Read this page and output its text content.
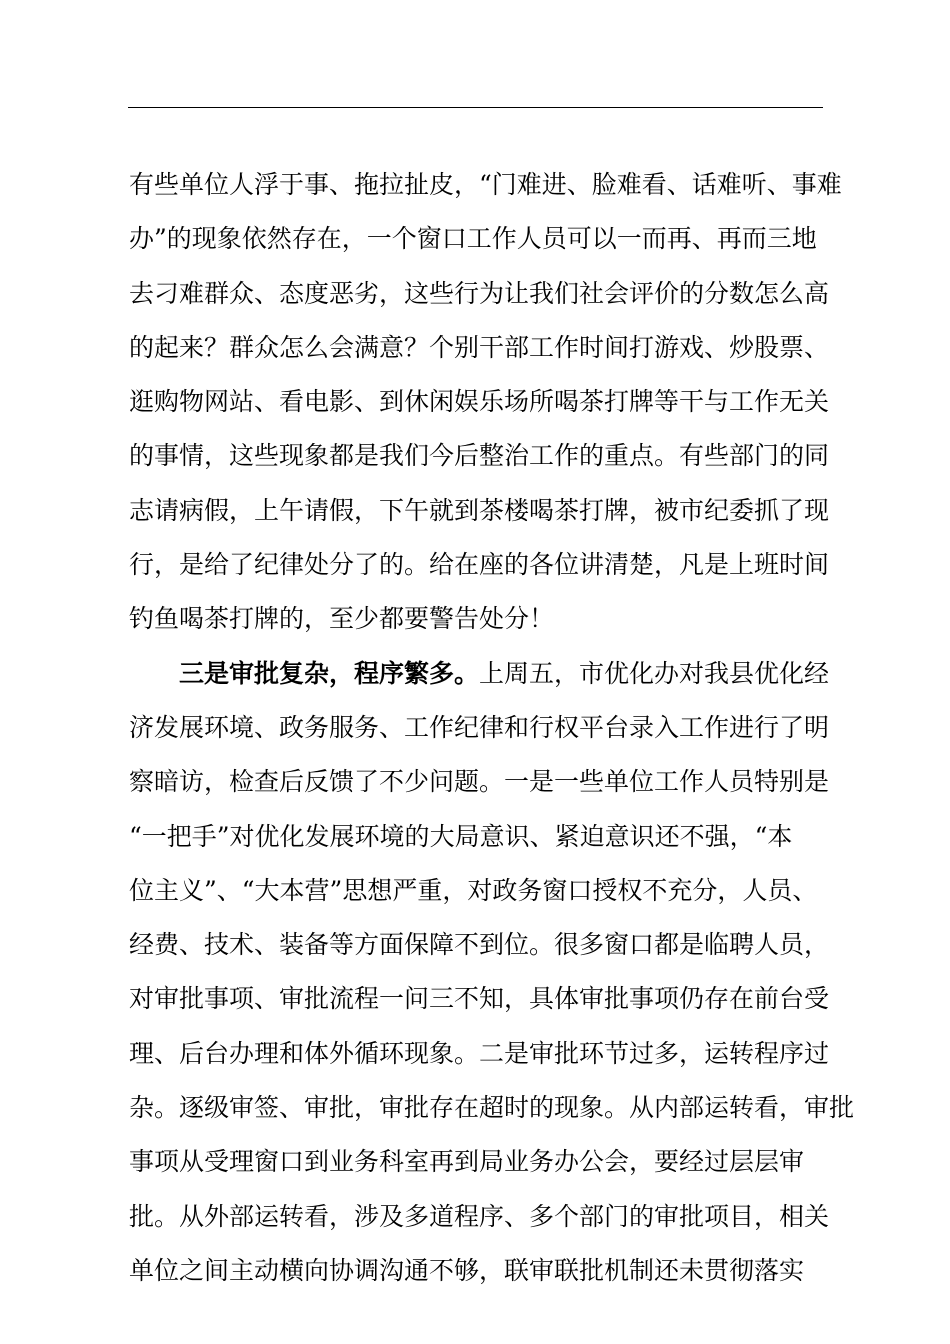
有些单位人浮于事、拖拉扯皮，“门难进、脸难看、话难听、事难
办”的现象依然存在，一个窗口工作人员可以一而再、再而三地
去刁难群众、态度恶劣，这些行为让我们社会评价的分数怎么高
的起来？群众怎么会满意？个别干部工作时间打游戏、炒股票、
逛购物网站、看电影、到休闲娱乐场所喝茶打牌等干与工作无关
的事情，这些现象都是我们今后整治工作的重点。有些部门的同
志请病假，上午请假，下午就到茶楼喝茶打牌，被市纪委抓了现
行，是给了纪律处分了的。给在座的各位讲清楚，凡是上班时间
钓鱼喝茶打牌的，至少都要警告处分！
三是审批复杂，程序繁多。上周五，市优化办对我县优化经
济发展环境、政务服务、工作纪律和行权平台录入工作进行了明
察暗访，检查后反馈了不少问题。一是一些单位工作人员特别是
“一把手”对优化发展环境的大局意识、紧迫意识还不强，“本
位主义”、“大本营”思想严重，对政务窗口授权不充分，人员、
经费、技术、装备等方面保障不到位。很多窗口都是临聘人员，
对审批事项、审批流程一问三不知，具体审批事项仍存在前台受
理、后台办理和体外循环现象。二是审批环节过多，运转程序过
杂。逐级审签、审批，审批存在超时的现象。从内部运转看，审批
事项从受理窗口到业务科室再到局业务办公会，要经过层层审
批。从外部运转看，涉及多道程序、多个部门的审批项目，相关
单位之间主动横向协调沟通不够，联审联批机制还未贯彻落实
